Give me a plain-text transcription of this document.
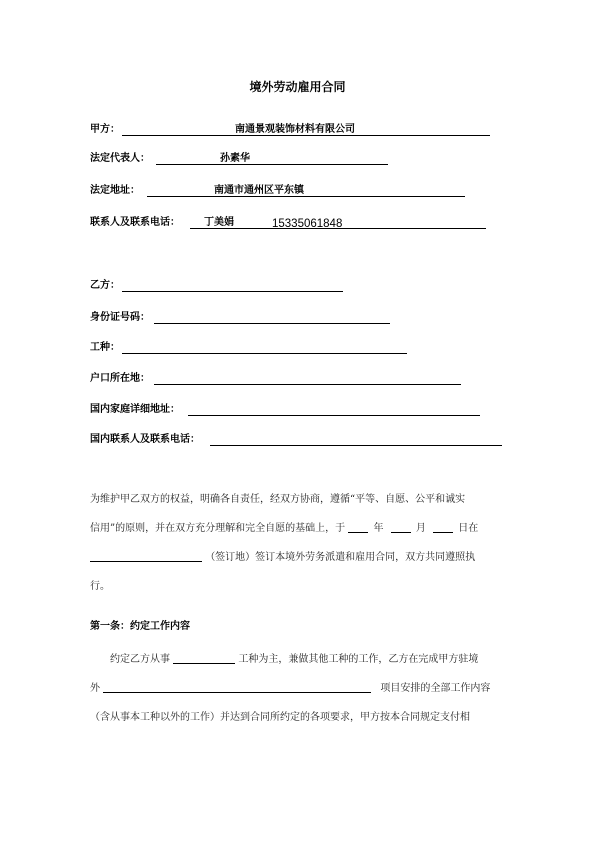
境外劳动雇用合同
甲方：	南通景观装饰材料有限公司
法定代表人：	孙素华
法定地址：	南通市通州区平东镇
联系人及联系电话： 丁美娟	15335061848
乙方：
身份证号码：
工种：
户口所在地：
国内家庭详细地址：
国内联系人及联系电话：
为维护甲乙双方的权益，明确各自责任，经双方协商，遵循“平等、自愿、公平和诚实
信用”的原则，并在双方充分理解和完全自愿的基础上，于	年	月	日在
（签订地）签订本境外劳务派遣和雇用合同，双方共同遵照执
行。
第一条：约定工作内容
约定乙方从事	工种为主，兼做其他工种的工作，乙方在完成甲方驻境
外	项目安排的全部工作内容
（含从事本工种以外的工作）并达到合同所约定的各项要求，甲方按本合同规定支付相
